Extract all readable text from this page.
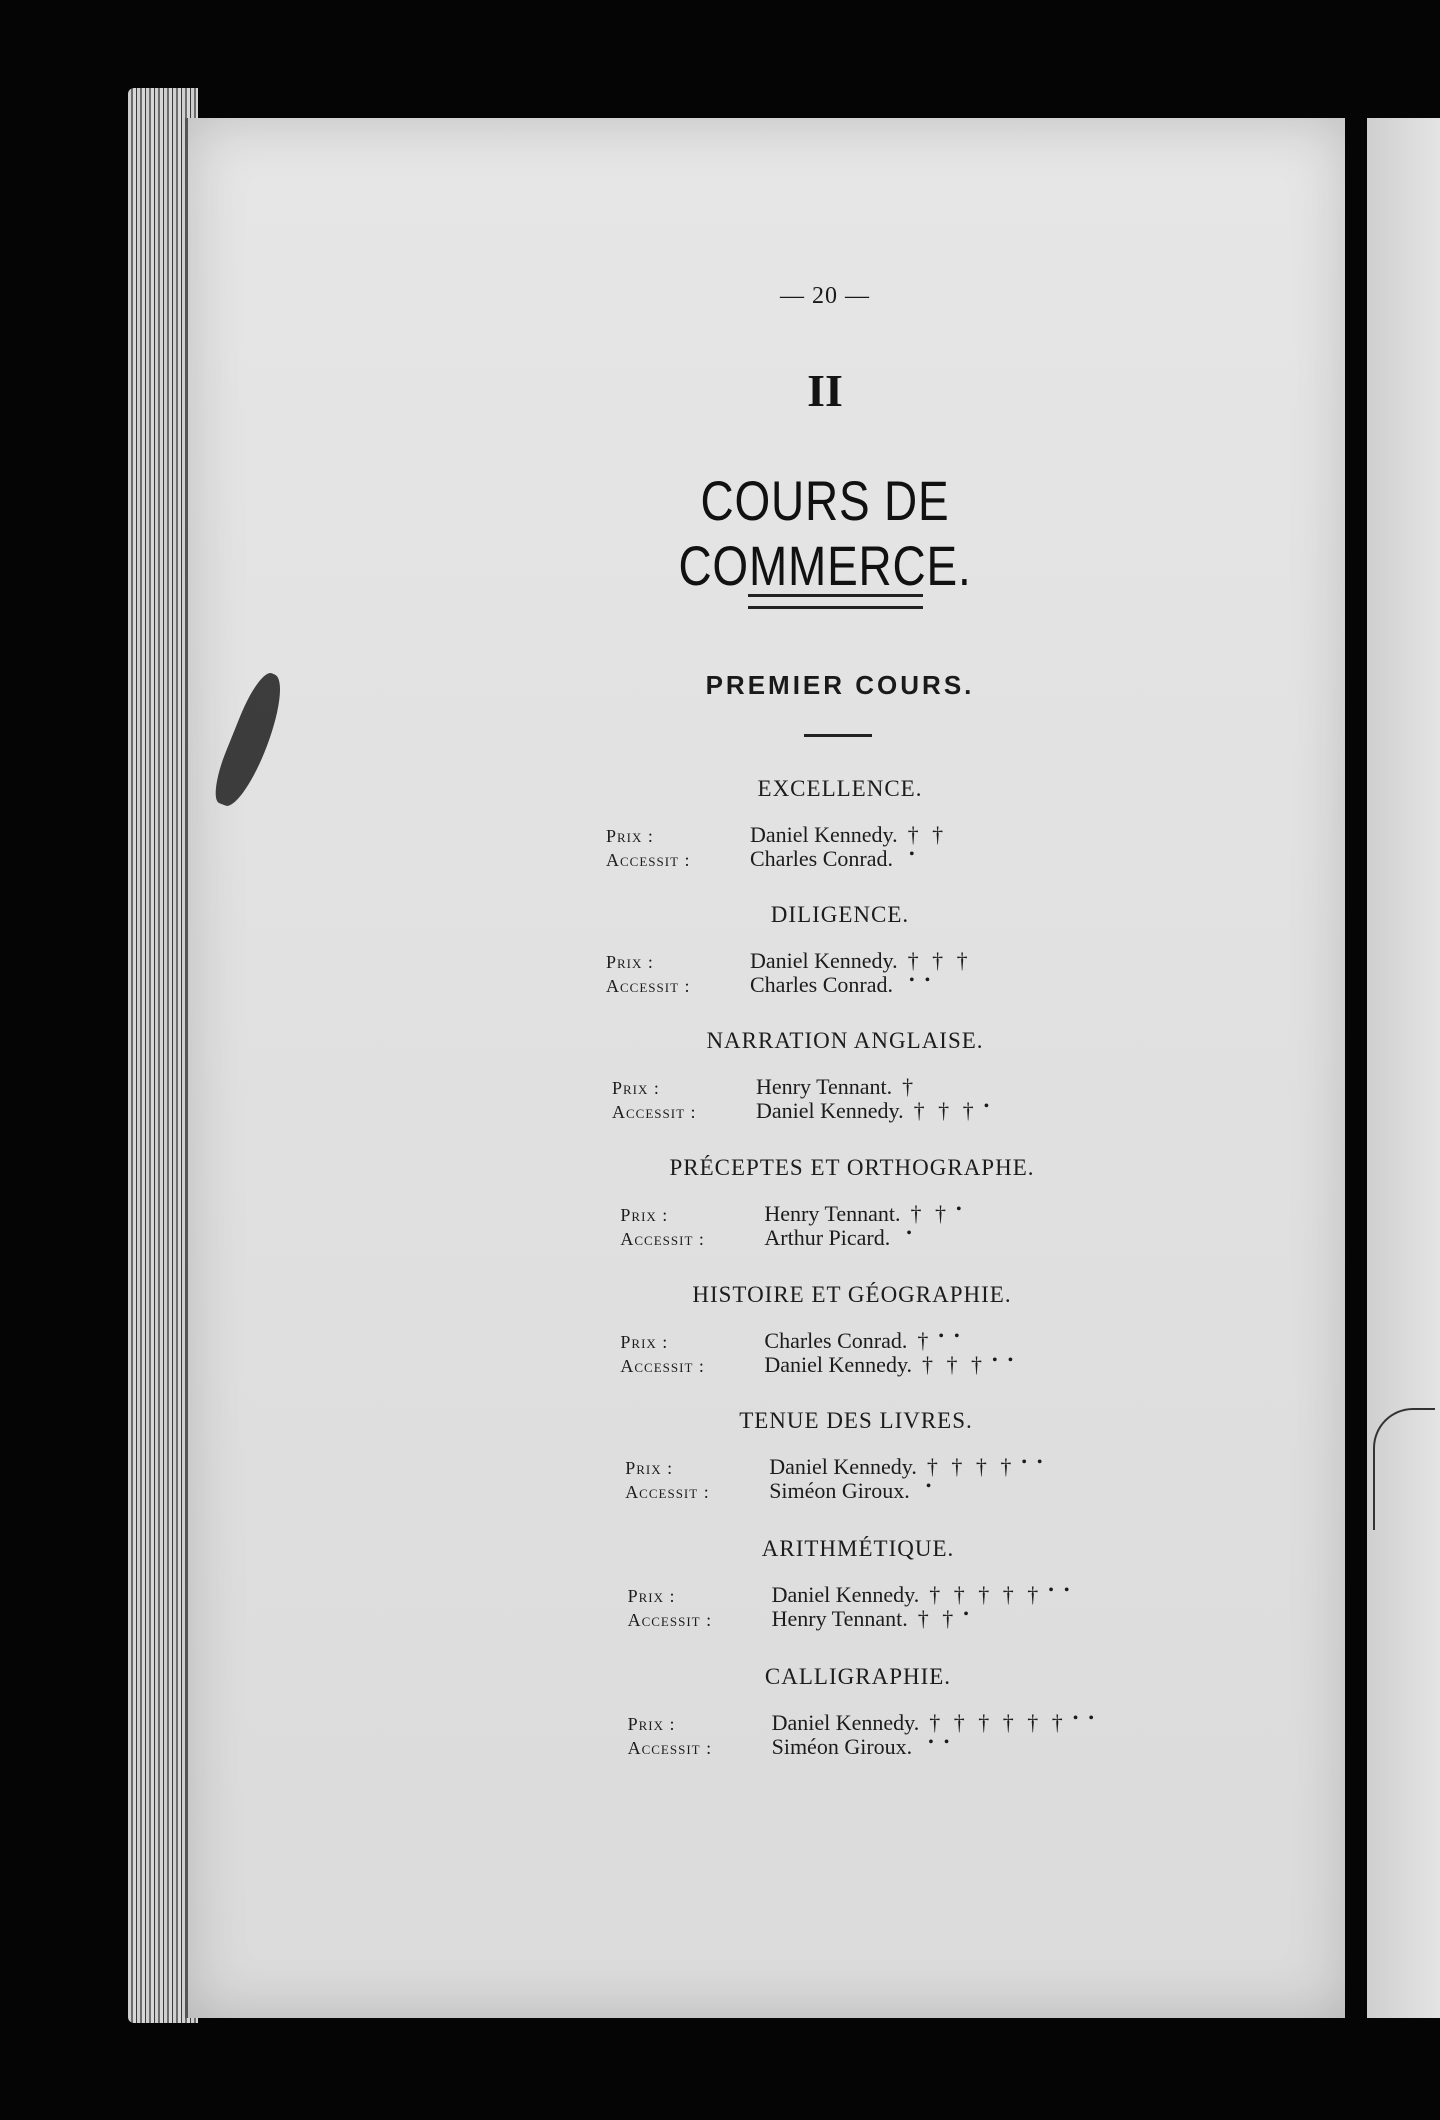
— 20 —
II
COURS DE COMMERCE.
PREMIER COURS.
EXCELLENCE.
Prix :	Daniel Kennedy. † †
Accessit :	Charles Conrad. •
DILIGENCE.
Prix :	Daniel Kennedy. † † †
Accessit :	Charles Conrad. • •
NARRATION ANGLAISE.
Prix :	Henry Tennant. †
Accessit :	Daniel Kennedy. † † † •
PRÉCEPTES ET ORTHOGRAPHE.
Prix :	Henry Tennant. † † •
Accessit :	Arthur Picard. •
HISTOIRE ET GÉOGRAPHIE.
Prix :	Charles Conrad. † • •
Accessit :	Daniel Kennedy. † † † • •
TENUE DES LIVRES.
Prix :	Daniel Kennedy. † † † † • •
Accessit :	Siméon Giroux. •
ARITHMÉTIQUE.
Prix :	Daniel Kennedy. † † † † † • •
Accessit :	Henry Tennant. † † •
CALLIGRAPHIE.
Prix :	Daniel Kennedy. † † † † † † • •
Accessit :	Siméon Giroux. • •
